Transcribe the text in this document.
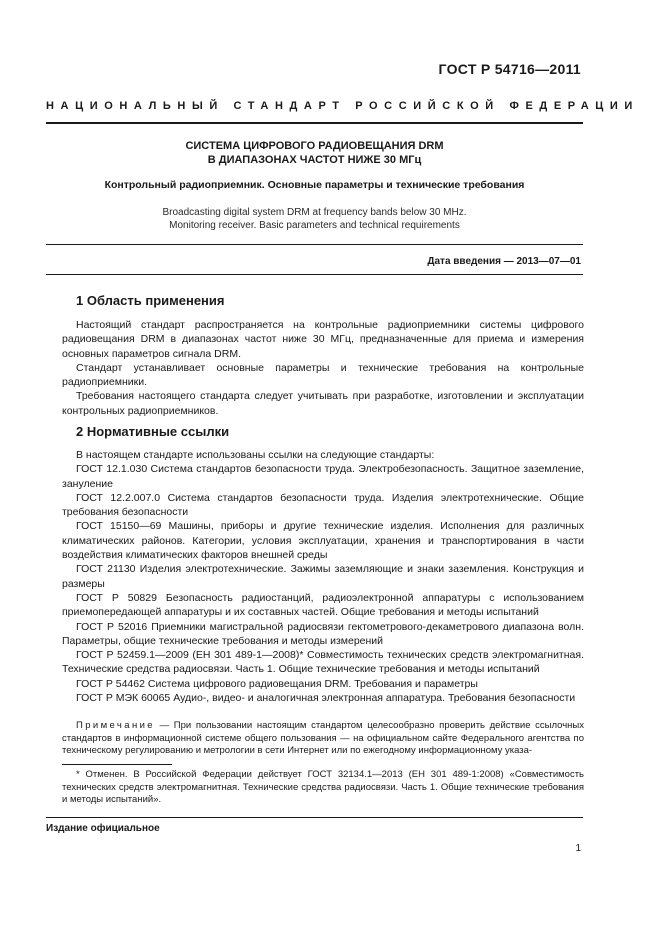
ГОСТ Р 54716—2011
НАЦИОНАЛЬНЫЙ СТАНДАРТ РОССИЙСКОЙ ФЕДЕРАЦИИ
СИСТЕМА ЦИФРОВОГО РАДИОВЕЩАНИЯ DRM
В ДИАПАЗОНАХ ЧАСТОТ НИЖЕ 30 МГц
Контрольный радиоприемник. Основные параметры и технические требования
Broadcasting digital system DRM at frequency bands below 30 MHz.
Monitoring receiver. Basic parameters and technical requirements
Дата введения — 2013—07—01
1 Область применения

Настоящий стандарт распространяется на контрольные радиоприемники системы цифрового радиовещания DRM в диапазонах частот ниже 30 МГц, предназначенные для приема и измерения основных параметров сигнала DRM.

Стандарт устанавливает основные параметры и технические требования на контрольные радиоприемники.

Требования настоящего стандарта следует учитывать при разработке, изготовлении и эксплуатации контрольных радиоприемников.

2 Нормативные ссылки

В настоящем стандарте использованы ссылки на следующие стандарты:

ГОСТ 12.1.030 Система стандартов безопасности труда. Электробезопасность. Защитное заземление, зануление

ГОСТ 12.2.007.0 Система стандартов безопасности труда. Изделия электротехнические. Общие требования безопасности

ГОСТ 15150—69 Машины, приборы и другие технические изделия. Исполнения для различных климатических районов. Категории, условия эксплуатации, хранения и транспортирования в части воздействия климатических факторов внешней среды

ГОСТ 21130 Изделия электротехнические. Зажимы заземляющие и знаки заземления. Конструкция и размеры

ГОСТ Р 50829 Безопасность радиостанций, радиоэлектронной аппаратуры с использованием приемопередающей аппаратуры и их составных частей. Общие требования и методы испытаний

ГОСТ Р 52016 Приемники магистральной радиосвязи гектометрового-декаметрового диапазона волн. Параметры, общие технические требования и методы измерений

ГОСТ Р 52459.1—2009 (ЕН 301 489-1—2008)* Совместимость технических средств электромагнитная. Технические средства радиосвязи. Часть 1. Общие технические требования и методы испытаний

ГОСТ Р 54462 Система цифрового радиовещания DRM. Требования и параметры

ГОСТ Р МЭК 60065 Аудио-, видео- и аналогичная электронная аппаратура. Требования безопасности

Примечание — При пользовании настоящим стандартом целесообразно проверить действие ссылочных стандартов в информационной системе общего пользования — на официальном сайте Федерального агентства по техническому регулированию и метрологии в сети Интернет или по ежегодному информационному указа-

* Отменен. В Российской Федерации действует ГОСТ 32134.1—2013 (ЕН 301 489-1:2008) «Совместимость технических средств электромагнитная. Технические средства радиосвязи. Часть 1. Общие технические требования и методы испытаний».

Издание официальное
1
